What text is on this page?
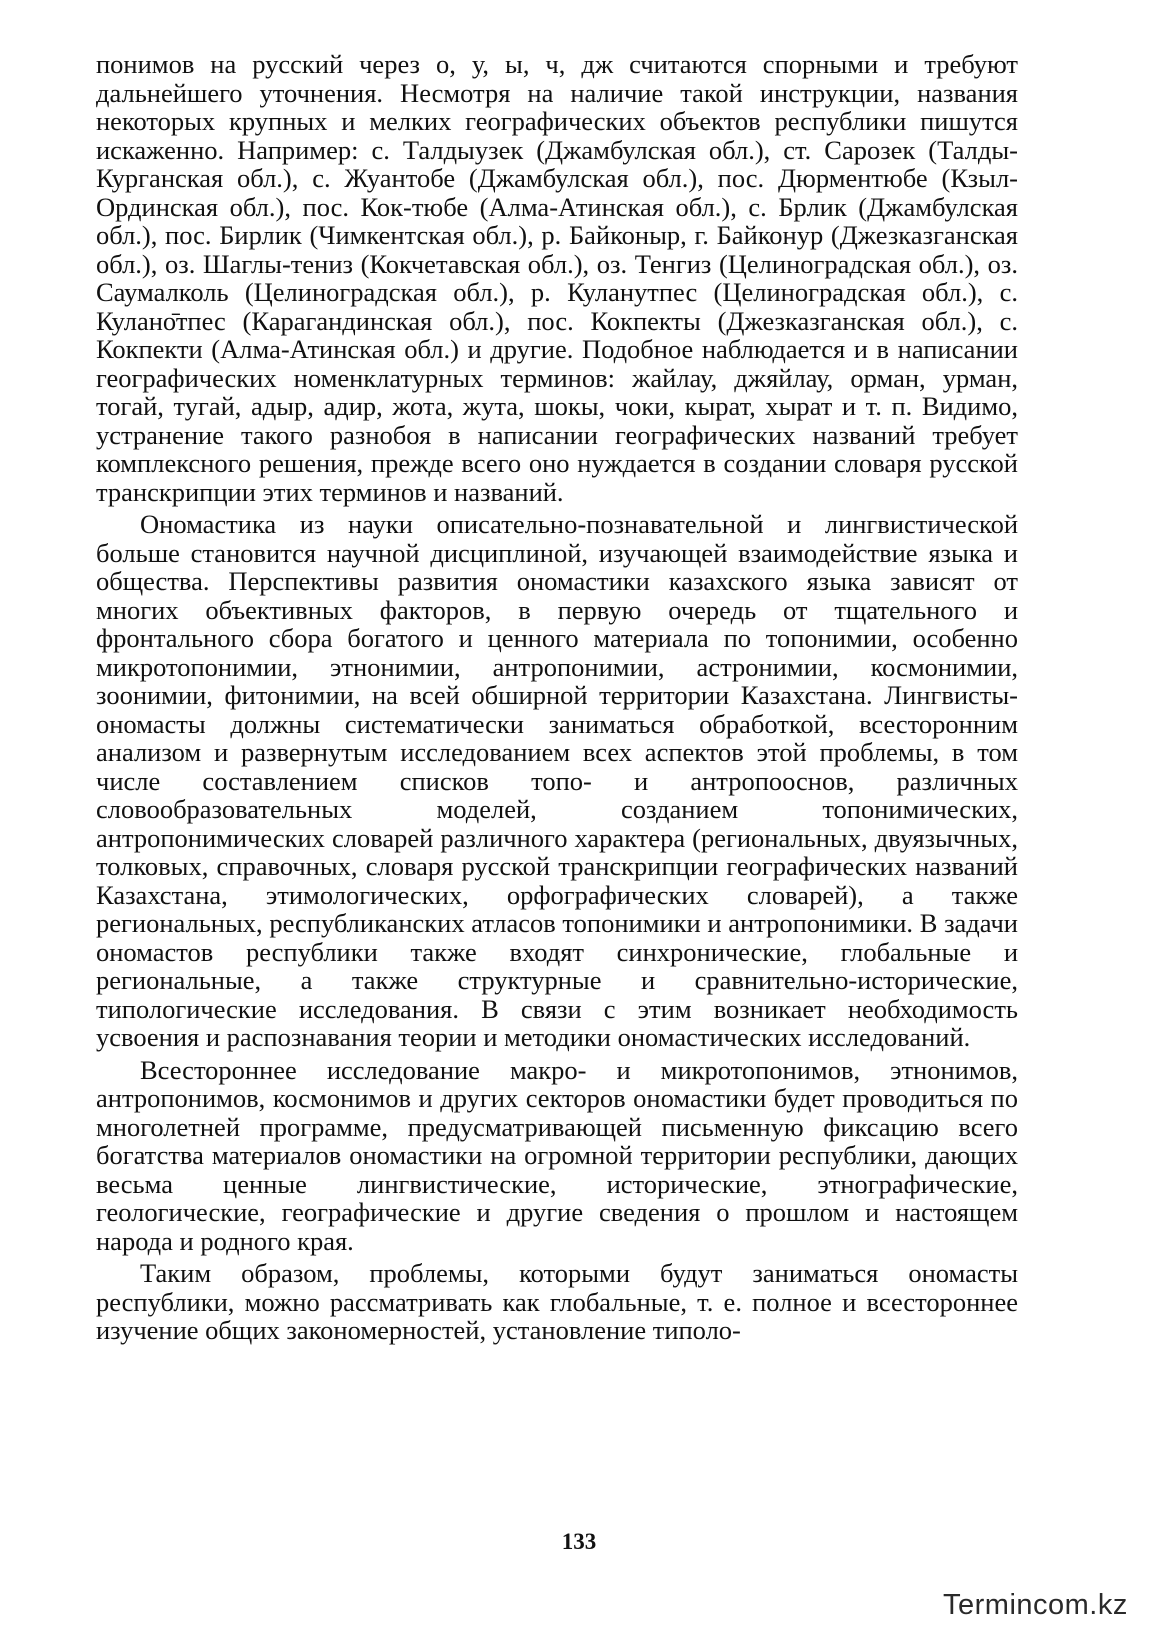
понимов на русский через о, у, ы, ч, дж считаются спорными и требуют дальнейшего уточнения. Несмотря на наличие такой инструкции, названия некоторых крупных и мелких географических объектов республики пишутся искаженно. Например: с. Талдыузек (Джамбулская обл.), ст. Сарозек (Талды-Курганская обл.), с. Жуантобе (Джамбулская обл.), пос. Дюрментюбе (Кзыл-Ординская обл.), пос. Кок-тюбе (Алма-Атинская обл.), с. Брлик (Джамбулская обл.), пос. Бирлик (Чимкентская обл.), р. Байконыр, г. Байконур (Джезказганская обл.), оз. Шаглы-тениз (Кокчетавская обл.), оз. Тенгиз (Целиноградская обл.), оз. Саумалколь (Целиноградская обл.), р. Куланутпес (Целиноградская обл.), с. Кулано̄тпес (Карагандинская обл.), пос. Кокпекты (Джезказганская обл.), с. Кокпекти (Алма-Атинская обл.) и другие. Подобное наблюдается и в написании географических номенклатурных терминов: жайлау, джяйлау, орман, урман, тогай, тугай, адыр, адир, жота, жута, шокы, чоки, кырат, хырат и т. п. Видимо, устранение такого разнобоя в написании географических названий требует комплексного решения, прежде всего оно нуждается в создании словаря русской транскрипции этих терминов и названий.

Ономастика из науки описательно-познавательной и лингвистической больше становится научной дисциплиной, изучающей взаимодействие языка и общества. Перспективы развития ономастики казахского языка зависят от многих объективных факторов, в первую очередь от тщательного и фронтального сбора богатого и ценного материала по топонимии, особенно микротопонимии, этнонимии, антропонимии, астронимии, космонимии, зоонимии, фитонимии, на всей обширной территории Казахстана. Лингвисты-ономасты должны систематически заниматься обработкой, всесторонним анализом и развернутым исследованием всех аспектов этой проблемы, в том числе составлением списков топо- и антропооснов, различных словообразовательных моделей, созданием топонимических, антропонимических словарей различного характера (региональных, двуязычных, толковых, справочных, словаря русской транскрипции географических названий Казахстана, этимологических, орфографических словарей), а также региональных, республиканских атласов топонимики и антропонимики. В задачи ономастов республики также входят синхронические, глобальные и региональные, а также структурные и сравнительно-исторические, типологические исследования. В связи с этим возникает необходимость усвоения и распознавания теории и методики ономастических исследований.

Всестороннее исследование макро- и микротопонимов, этнонимов, антропонимов, космонимов и других секторов ономастики будет проводиться по многолетней программе, предусматривающей письменную фиксацию всего богатства материалов ономастики на огромной территории республики, дающих весьма ценные лингвистические, исторические, этнографические, геологические, географические и другие сведения о прошлом и настоящем народа и родного края.

Таким образом, проблемы, которыми будут заниматься ономасты республики, можно рассматривать как глобальные, т. е. полное и всестороннее изучение общих закономерностей, установление типоло-

133
Termincom.kz
